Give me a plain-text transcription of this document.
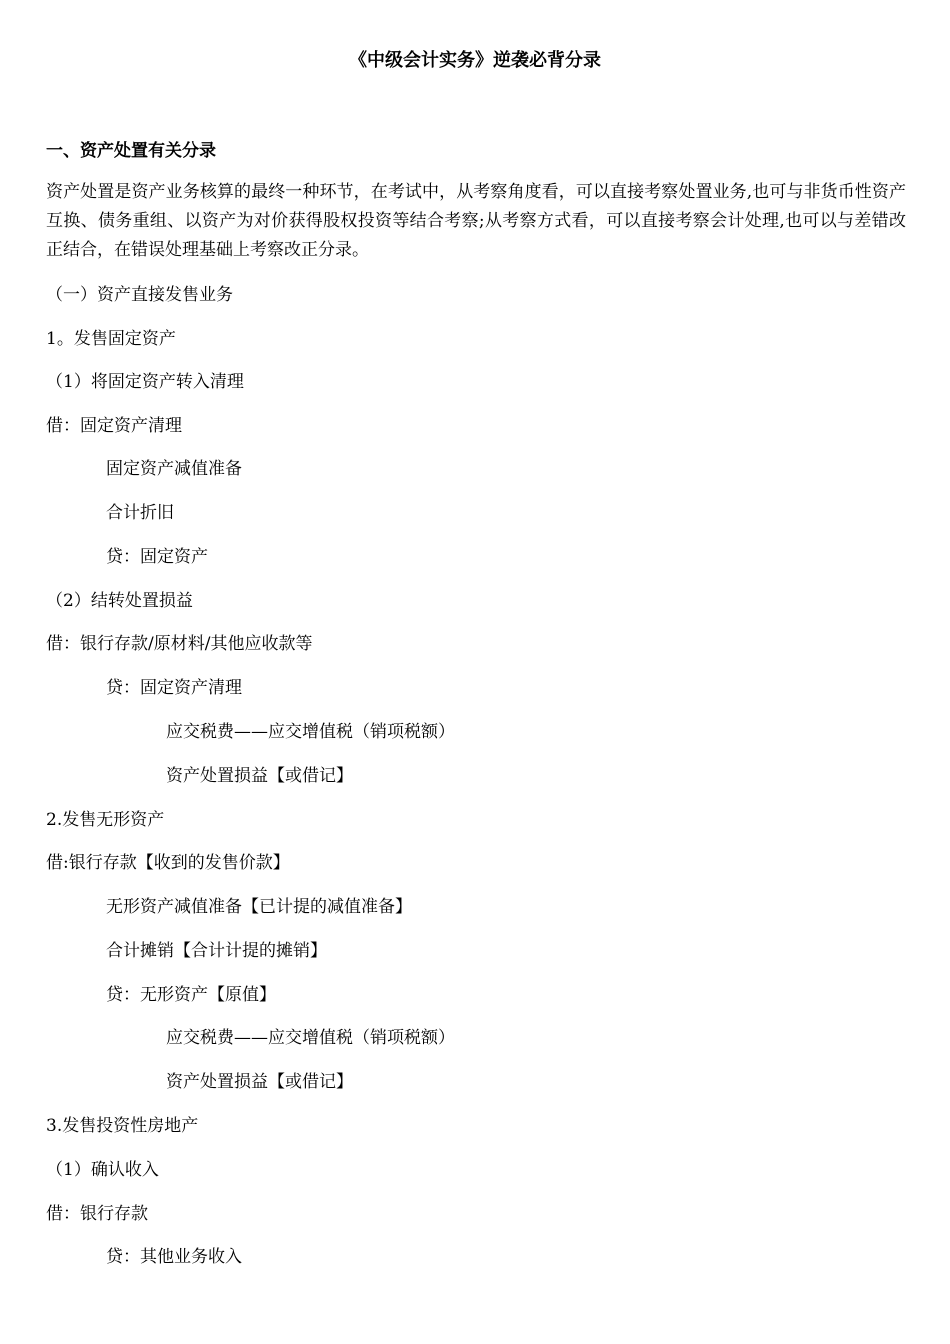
《中级会计实务》逆袭必背分录
一、资产处置有关分录
资产处置是资产业务核算的最终一种环节，在考试中，从考察角度看，可以直接考察处置业务,也可与非货币性资产互换、债务重组、以资产为对价获得股权投资等结合考察;从考察方式看，可以直接考察会计处理,也可以与差错改正结合，在错误处理基础上考察改正分录。
（一）资产直接发售业务
1。发售固定资产
（1）将固定资产转入清理
借：固定资产清理
固定资产减值准备
合计折旧
贷：固定资产
（2）结转处置损益
借：银行存款/原材料/其他应收款等
贷：固定资产清理
应交税费——应交增值税（销项税额）
资产处置损益【或借记】
2.发售无形资产
借:银行存款【收到的发售价款】
无形资产减值准备【已计提的减值准备】
合计摊销【合计计提的摊销】
贷：无形资产【原值】
应交税费——应交增值税（销项税额）
资产处置损益【或借记】
3.发售投资性房地产
（1）确认收入
借：银行存款
贷：其他业务收入
